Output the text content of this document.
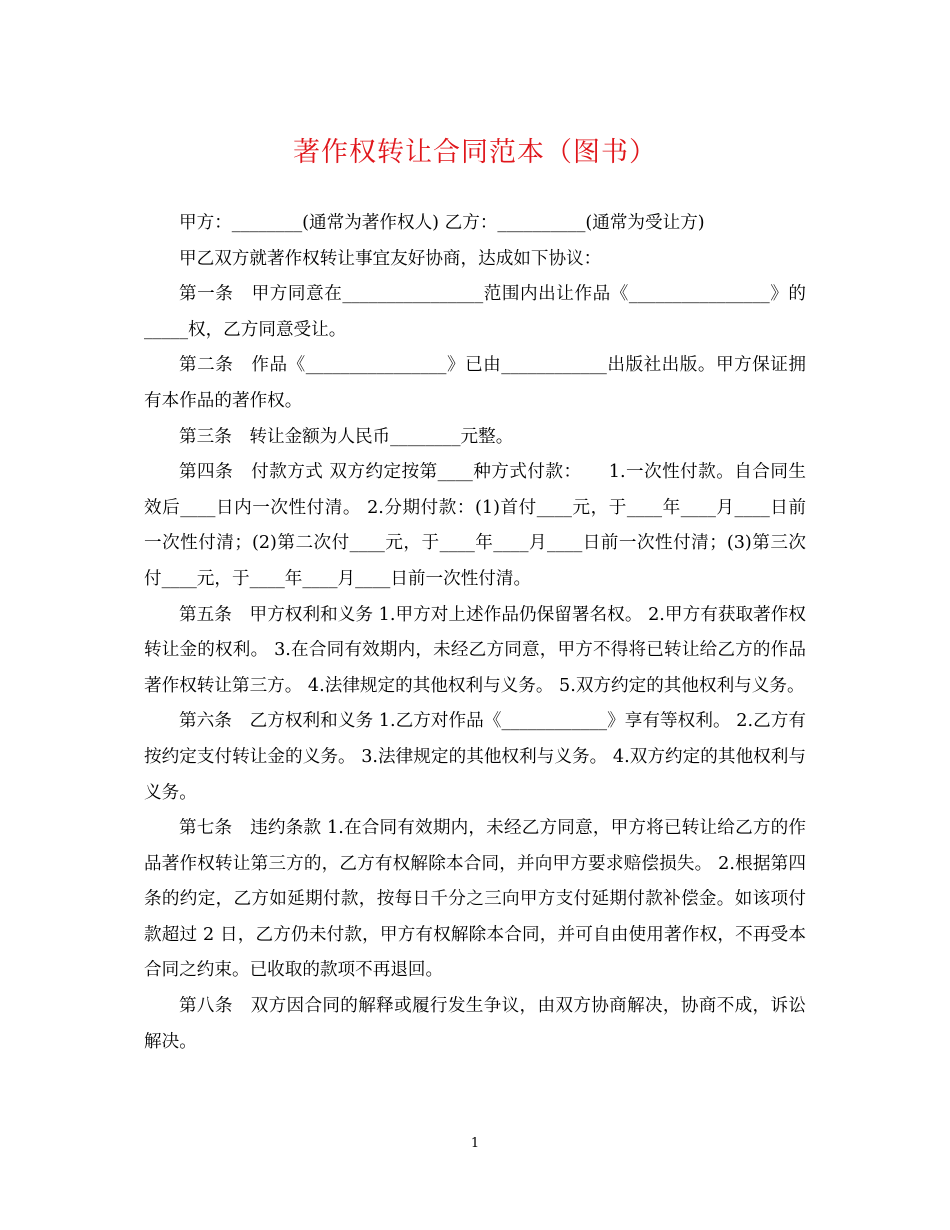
著作权转让合同范本（图书）

甲方：________(通常为著作权人) 乙方：__________(通常为受让方)

甲乙双方就著作权转让事宜友好协商，达成如下协议：

第一条　甲方同意在________________范围内出让作品《________________》的_____权，乙方同意受让。

第二条　作品《________________》已由____________出版社出版。甲方保证拥有本作品的著作权。

第三条　转让金额为人民币________元整。

第四条　付款方式 双方约定按第____种方式付款：　　1.一次性付款。自合同生效后____日内一次性付清。 2.分期付款：(1)首付____元，于____年____月____日前一次性付清；(2)第二次付____元，于____年____月____日前一次性付清；(3)第三次付____元，于____年____月____日前一次性付清。

第五条　甲方权利和义务 1.甲方对上述作品仍保留署名权。 2.甲方有获取著作权转让金的权利。 3.在合同有效期内，未经乙方同意，甲方不得将已转让给乙方的作品著作权转让第三方。 4.法律规定的其他权利与义务。 5.双方约定的其他权利与义务。

第六条　乙方权利和义务 1.乙方对作品《____________》享有等权利。 2.乙方有按约定支付转让金的义务。 3.法律规定的其他权利与义务。 4.双方约定的其他权利与义务。

第七条　违约条款 1.在合同有效期内，未经乙方同意，甲方将已转让给乙方的作品著作权转让第三方的，乙方有权解除本合同，并向甲方要求赔偿损失。 2.根据第四条的约定，乙方如延期付款，按每日千分之三向甲方支付延期付款补偿金。如该项付款超过 2 日，乙方仍未付款，甲方有权解除本合同，并可自由使用著作权，不再受本合同之约束。已收取的款项不再退回。

第八条　双方因合同的解释或履行发生争议，由双方协商解决，协商不成，诉讼解决。

1
